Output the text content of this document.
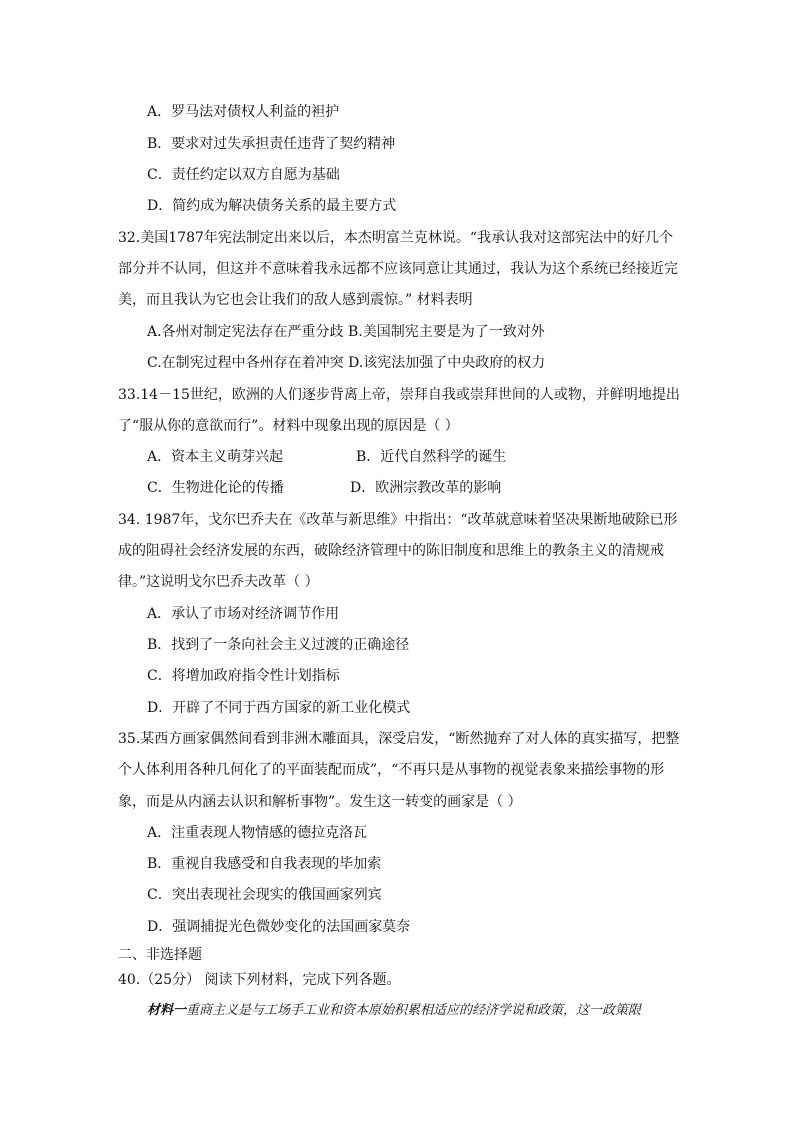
A．罗马法对债权人利益的袒护
B．要求对过失承担责任违背了契约精神
C．责任约定以双方自愿为基础
D．简约成为解决债务关系的最主要方式
32.美国1787年宪法制定出来以后，本杰明富兰克林说。“我承认我对这部宪法中的好几个
部分并不认同，但这并不意味着我永远都不应该同意让其通过，我认为这个系统已经接近完
美，而且我认为它也会让我们的敌人感到震惊。” 材料表明
A.各州对制定宪法存在严重分歧 B.美国制宪主要是为了一致对外
C.在制宪过程中各州存在着冲突 D.该宪法加强了中央政府的权力
33.14－15世纪，欧洲的人们逐步背离上帝，崇拜自我或崇拜世间的人或物，并鲜明地提出
了“服从你的意欲而行”。材料中现象出现的原因是（ ）
A．资本主义萌芽兴起	B．近代自然科学的诞生
C．生物进化论的传播	D．欧洲宗教改革的影响
34. 1987年，戈尔巴乔夫在《改革与新思维》中指出：“改革就意味着坚决果断地破除已形
成的阻碍社会经济发展的东西，破除经济管理中的陈旧制度和思维上的教条主义的清规戒
律。”这说明戈尔巴乔夫改革（ ）
A．承认了市场对经济调节作用
B．找到了一条向社会主义过渡的正确途径
C．将增加政府指令性计划指标
D．开辟了不同于西方国家的新工业化模式
35.某西方画家偶然间看到非洲木雕面具，深受启发，“断然抛弃了对人体的真实描写，把整
个人体利用各种几何化了的平面装配而成”，“不再只是从事物的视觉表象来描绘事物的形
象，而是从内涵去认识和解析事物”。发生这一转变的画家是（ ）
A．注重表现人物情感的德拉克洛瓦
B．重视自我感受和自我表现的毕加索
C．突出表现社会现实的俄国画家列宾
D．强调捕捉光色微妙变化的法国画家莫奈
二、非选择题
40.（25分） 阅读下列材料，完成下列各题。
材料一重商主义是与工场手工业和资本原始积累相适应的经济学说和政策，这一政策限
